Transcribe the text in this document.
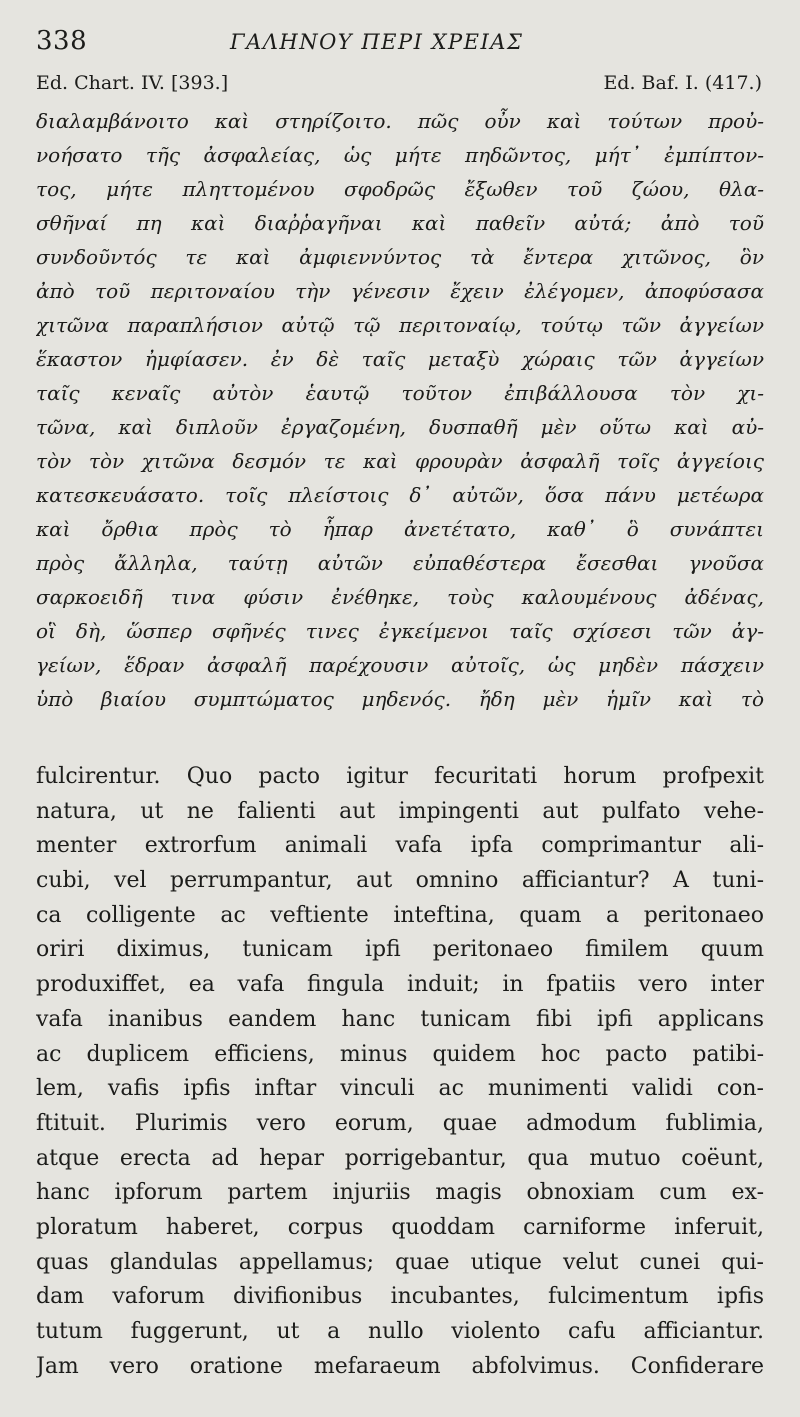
338	ΓΑΛΗΝΟΥ ΠΕΡΙ ΧΡΕΙΑΣ
Ed. Chart. IV. [393.]	Ed. Baf. I. (417.)
διαλαμβάνοιτο καὶ στηρίζοιτο. πῶς οὖν καὶ τούτων προὐ-
νοήσατο τῆς ἀσφαλείας, ὡς μήτε πηδῶντος, μήτ᾽ ἐμπίπτον-
τος, μήτε πληττομένου σφοδρῶς ἔξωθεν τοῦ ζώου, θλα-
σθῆναί πη καὶ διαῤῥαγῆναι καὶ παθεῖν αὐτά; ἀπὸ τοῦ
συνδοῦντός τε καὶ ἀμφιεννύντος τὰ ἔντερα χιτῶνος, ὃν
ἀπὸ τοῦ περιτοναίου τὴν γένεσιν ἔχειν ἐλέγομεν, ἀποφύσασα
χιτῶνα παραπλήσιον αὐτῷ τῷ περιτοναίῳ, τούτῳ τῶν ἀγγείων
ἕκαστον ἠμφίασεν. ἐν δὲ ταῖς μεταξὺ χώραις τῶν ἀγγείων
ταῖς κεναῖς αὐτὸν ἑαυτῷ τοῦτον ἐπιβάλλουσα τὸν χι-
τῶνα, καὶ διπλοῦν ἐργαζομένη, δυσπαθῆ μὲν οὕτω καὶ αὐ-
τὸν τὸν χιτῶνα δεσμόν τε καὶ φρουρὰν ἀσφαλῆ τοῖς ἀγγείοις
κατεσκευάσατο. τοῖς πλείστοις δ᾽ αὐτῶν, ὅσα πάνυ μετέωρα
καὶ ὄρθια πρὸς τὸ ἧπαρ ἀνετέτατο, καθ᾽ ὃ συνάπτει
πρὸς ἄλληλα, ταύτῃ αὐτῶν εὐπαθέστερα ἔσεσθαι γνοῦσα
σαρκοειδῆ τινα φύσιν ἐνέθηκε, τοὺς καλουμένους ἀδένας,
οἳ δὴ, ὥσπερ σφῆνές τινες ἐγκείμενοι ταῖς σχίσεσι τῶν ἀγ-
γείων, ἕδραν ἀσφαλῆ παρέχουσιν αὐτοῖς, ὡς μηδὲν πάσχειν
ὑπὸ βιαίου συμπτώματος μηδενός. ἤδη μὲν ἡμῖν καὶ τὸ
fulcirentur. Quo pacto igitur fecuritati horum profpexit
natura, ut ne falienti aut impingenti aut pulfato vehe-
menter extrorfum animali vafa ipfa comprimantur ali-
cubi, vel perrumpantur, aut omnino afficiantur? A tuni-
ca colligente ac veftiente inteftina, quam a peritonaeo
oriri diximus, tunicam ipfi peritonaeo fimilem quum
produxiffet, ea vafa fingula induit; in fpatiis vero inter
vafa inanibus eandem hanc tunicam fibi ipfi applicans
ac duplicem efficiens, minus quidem hoc pacto patibi-
lem, vafis ipfis inftar vinculi ac munimenti validi con-
ftituit. Plurimis vero eorum, quae admodum fublimia,
atque erecta ad hepar porrigebantur, qua mutuo coëunt,
hanc ipforum partem injuriis magis obnoxiam cum ex-
ploratum haberet, corpus quoddam carniforme inferuit,
quas glandulas appellamus; quae utique velut cunei qui-
dam vaforum divifionibus incubantes, fulcimentum ipfis
tutum fuggerunt, ut a nullo violento cafu afficiantur.
Jam vero oratione mefaraeum abfolvimus. Confiderare
